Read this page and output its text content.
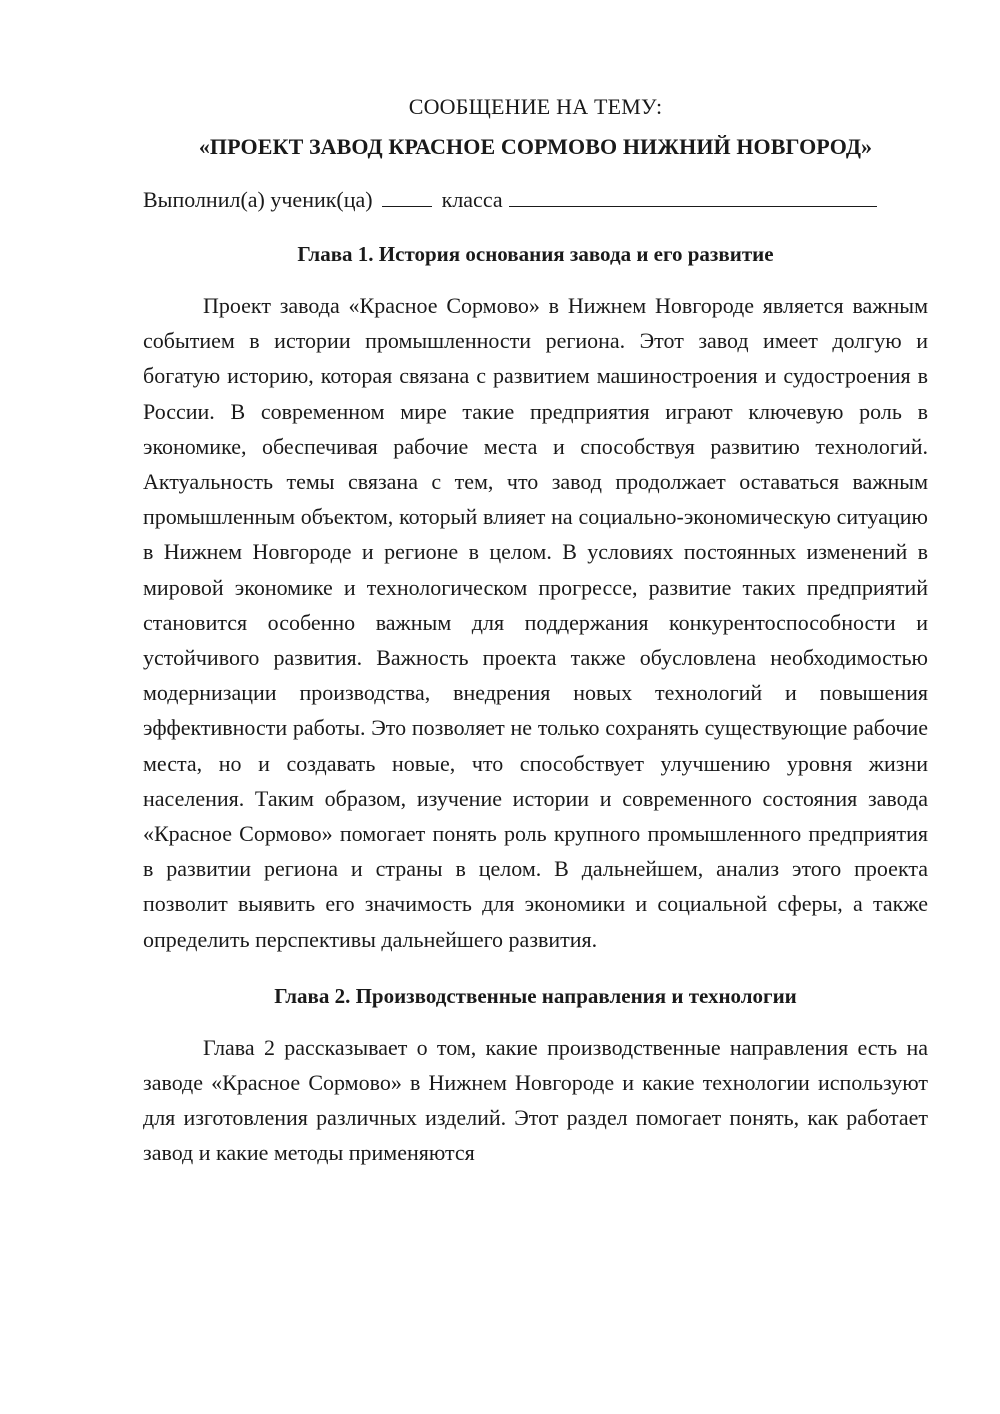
СООБЩЕНИЕ НА ТЕМУ:

«ПРОЕКТ ЗАВОД КРАСНОЕ СОРМОВО НИЖНИЙ НОВГОРОД»

Выполнил(а) ученик(ца)	класса

Глава 1. История основания завода и его развитие

Проект завода «Красное Сормово» в Нижнем Новгороде является важным событием в истории промышленности региона. Этот завод имеет долгую и богатую историю, которая связана с развитием машиностроения и судостроения в России. В современном мире такие предприятия играют ключевую роль в экономике, обеспечивая рабочие места и способствуя развитию технологий. Актуальность темы связана с тем, что завод продолжает оставаться важным промышленным объектом, который влияет на социально-экономическую ситуацию в Нижнем Новгороде и регионе в целом. В условиях постоянных изменений в мировой экономике и технологическом прогрессе, развитие таких предприятий становится особенно важным для поддержания конкурентоспособности и устойчивого развития. Важность проекта также обусловлена необходимостью модернизации производства, внедрения новых технологий и повышения эффективности работы. Это позволяет не только сохранять существующие рабочие места, но и создавать новые, что способствует улучшению уровня жизни населения. Таким образом, изучение истории и современного состояния завода «Красное Сормово» помогает понять роль крупного промышленного предприятия в развитии региона и страны в целом. В дальнейшем, анализ этого проекта позволит выявить его значимость для экономики и социальной сферы, а также определить перспективы дальнейшего развития.

Глава 2. Производственные направления и технологии

Глава 2 рассказывает о том, какие производственные направления есть на заводе «Красное Сормово» в Нижнем Новгороде и какие технологии используют для изготовления различных изделий. Этот раздел помогает понять, как работает завод и какие методы применяются
